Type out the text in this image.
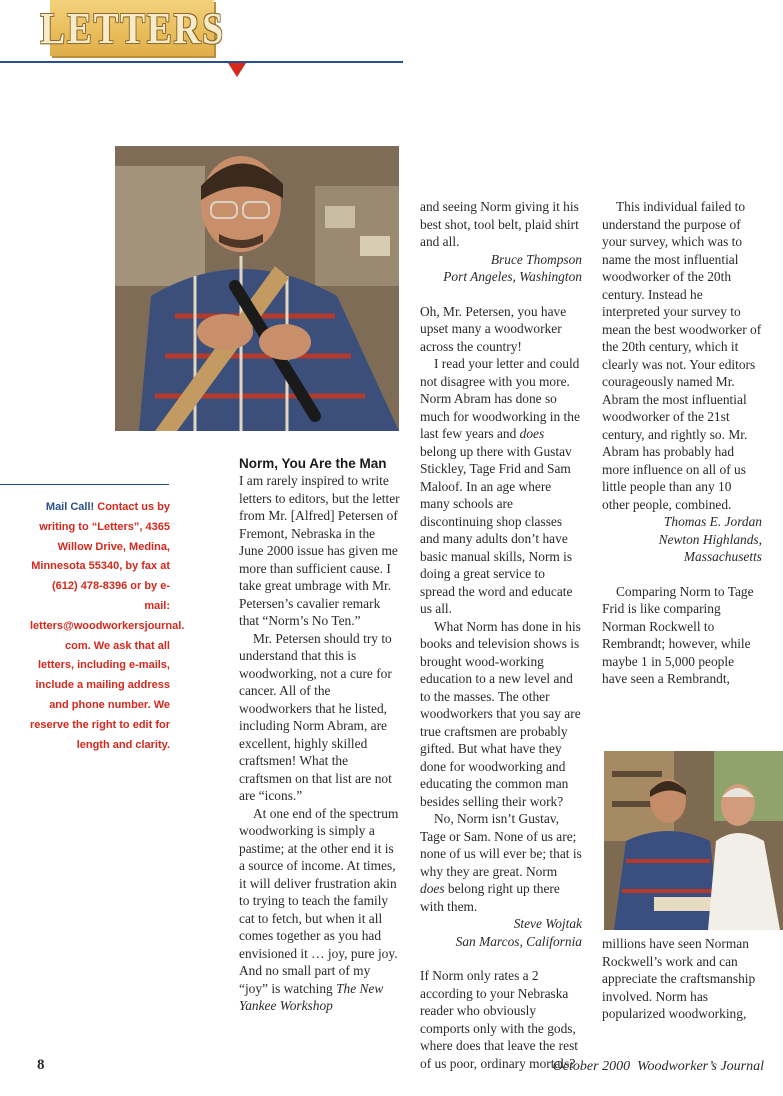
LETTERS
Mail Call! Contact us by writing to “Letters”, 4365 Willow Drive, Medina, Minnesota 55340, by fax at (612) 478-8396 or by e-mail: letters@woodworkersjournal. com. We ask that all letters, including e-mails, include a mailing address and phone number. We reserve the right to edit for length and clarity.

Norm, You Are the Man

I am rarely inspired to write letters to editors, but the letter from Mr. [Alfred] Petersen of Fremont, Nebraska in the June 2000 issue has given me more than sufficient cause. I take great umbrage with Mr. Petersen’s cavalier remark that “Norm’s No Ten.”

Mr. Petersen should try to understand that this is woodworking, not a cure for cancer. All of the woodworkers that he listed, including Norm Abram, are excellent, highly skilled craftsmen! What the craftsmen on that list are not are “icons.”

At one end of the spectrum woodworking is simply a pastime; at the other end it is a source of income. At times, it will deliver frustration akin to trying to teach the family cat to fetch, but when it all comes together as you had envisioned it … joy, pure joy. And no small part of my “joy” is watching The New Yankee Workshop

and seeing Norm giving it his best shot, tool belt, plaid shirt and all.

Bruce Thompson

Port Angeles, Washington

Oh, Mr. Petersen, you have upset many a woodworker across the country!

I read your letter and could not disagree with you more. Norm Abram has done so much for woodworking in the last few years and does belong up there with Gustav Stickley, Tage Frid and Sam Maloof. In an age where many schools are discontinuing shop classes and many adults don’t have basic manual skills, Norm is doing a great service to spread the word and educate us all.

What Norm has done in his books and television shows is brought wood-working education to a new level and to the masses. The other woodworkers that you say are true craftsmen are probably gifted. But what have they done for woodworking and educating the common man besides selling their work?

No, Norm isn’t Gustav, Tage or Sam. None of us are; none of us will ever be; that is why they are great. Norm does belong right up there with them.

Steve Wojtak

San Marcos, California

If Norm only rates a 2 according to your Nebraska reader who obviously comports only with the gods, where does that leave the rest of us poor, ordinary mortals?

This individual failed to understand the purpose of your survey, which was to name the most influential woodworker of the 20th century. Instead he interpreted your survey to mean the best woodworker of the 20th century, which it clearly was not. Your editors courageously named Mr. Abram the most influential woodworker of the 21st century, and rightly so. Mr. Abram has probably had more influence on all of us little people than any 10 other people, combined.

Thomas E. Jordan

Newton Highlands,

Massachusetts

Comparing Norm to Tage Frid is like comparing Norman Rockwell to Rembrandt; however, while maybe 1 in 5,000 people have seen a Rembrandt,

millions have seen Norman Rockwell’s work and can appreciate the craftsmanship involved. Norm has popularized woodworking,

8	October 2000 Woodworker’s Journal
